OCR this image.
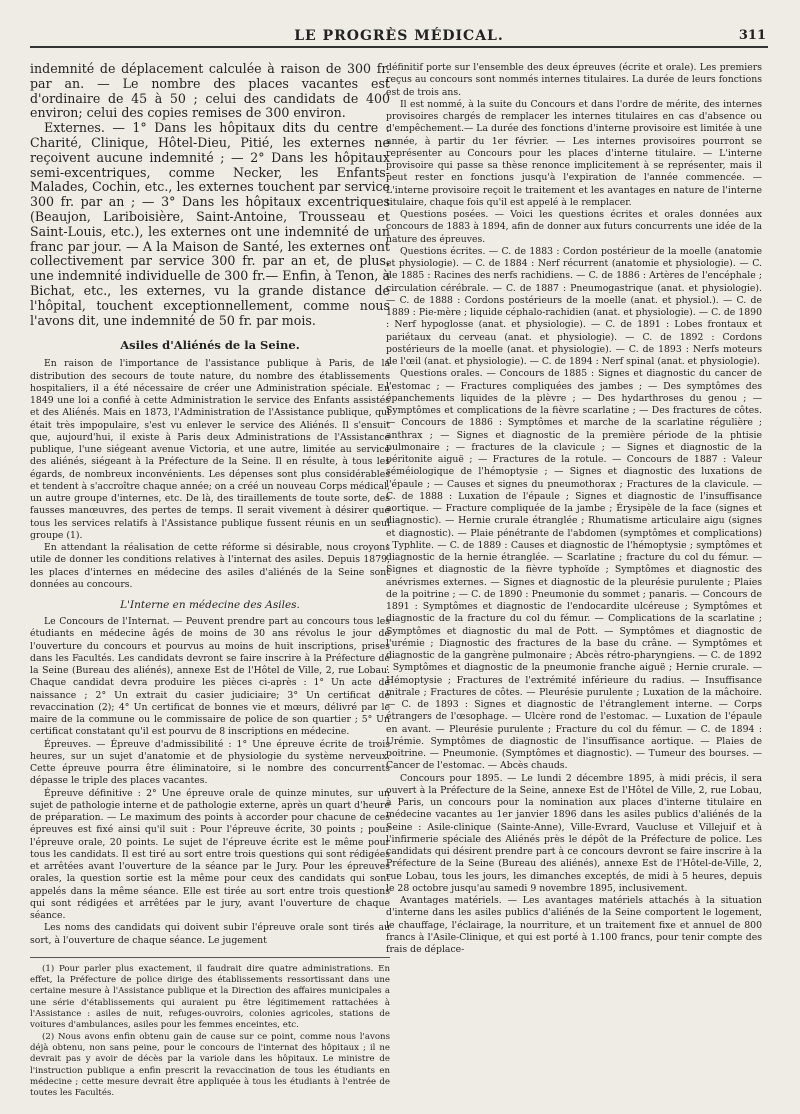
LE PROGRÈS MÉDICAL.	311

indemnité de déplacement calculée à raison de 300 fr. par an. — Le nombre des places vacantes est d'ordinaire de 45 à 50 ; celui des candidats de 400 environ; celui des copies remises de 300 environ.

Externes. — 1° Dans les hôpitaux dits du centre : Charité, Clinique, Hôtel-Dieu, Pitié, les externes ne reçoivent aucune indemnité ; — 2° Dans les hôpitaux semi-excentriques, comme Necker, les Enfants-Malades, Cochin, etc., les externes touchent par service 300 fr. par an ; — 3° Dans les hôpitaux excentriques (Beaujon, Lariboisière, Saint-Antoine, Trousseau et Saint-Louis, etc.), les externes ont une indemnité de un franc par jour. — A la Maison de Santé, les externes ont collectivement par service 300 fr. par an et, de plus, une indemnité individuelle de 300 fr.— Enfin, à Tenon, à Bichat, etc., les externes, vu la grande distance de l'hôpital, touchent exceptionnellement, comme nous l'avons dit, une indemnité de 50 fr. par mois.

Asiles d'Aliénés de la Seine.

En raison de l'importance de l'assistance publique à Paris, de la distribution des secours de toute nature, du nombre des établissements hospitaliers, il a été nécessaire de créer une Administration spéciale. En 1849 une loi a confié à cette Administration le service des Enfants assistés et des Aliénés. Mais en 1873, l'Administration de l'Assistance publique, qui était très impopulaire, s'est vu enlever le service des Aliénés. Il s'ensuit que, aujourd'hui, il existe à Paris deux Administrations de l'Assistance publique, l'une siégeant avenue Victoria, et une autre, limitée au service des aliénés, siégeant à la Préfecture de la Seine. Il en résulte, à tous les égards, de nombreux inconvénients. Les dépenses sont plus considérables et tendent à s'accroître chaque année; on a créé un nouveau Corps médical, un autre groupe d'internes, etc. De là, des tiraillements de toute sorte, des fausses manœuvres, des pertes de temps. Il serait vivement à désirer que tous les services relatifs à l'Assistance publique fussent réunis en un seul groupe (1).

En attendant la réalisation de cette réforme si désirable, nous croyons utile de donner les conditions relatives à l'internat des asiles. Depuis 1879, les places d'internes en médecine des asiles d'aliénés de la Seine sont données au concours.

L'Interne en médecine des Asiles.

Le Concours de l'Internat. — Peuvent prendre part au concours tous les étudiants en médecine âgés de moins de 30 ans révolus le jour de l'ouverture du concours et pourvus au moins de huit inscriptions, prises dans les Facultés. Les candidats devront se faire inscrire à la Préfecture de la Seine (Bureau des aliénés), annexe Est de l'Hôtel de Ville, 2, rue Lobau. Chaque candidat devra produire les pièces ci-après : 1° Un acte de naissance ; 2° Un extrait du casier judiciaire; 3° Un certificat de revaccination (2); 4° Un certificat de bonnes vie et mœurs, délivré par le maire de la commune ou le commissaire de police de son quartier ; 5° Un certificat constatant qu'il est pourvu de 8 inscriptions en médecine.

Épreuves. — Épreuve d'admissibilité : 1° Une épreuve écrite de trois heures, sur un sujet d'anatomie et de physiologie du système nerveux. Cette épreuve pourra être éliminatoire, si le nombre des concurrents dépasse le triple des places vacantes.

Épreuve définitive : 2° Une épreuve orale de quinze minutes, sur un sujet de pathologie interne et de pathologie externe, après un quart d'heure de préparation. — Le maximum des points à accorder pour chacune de ces épreuves est fixé ainsi qu'il suit : Pour l'épreuve écrite, 30 points ; pour l'épreuve orale, 20 points. Le sujet de l'épreuve écrite est le même pour tous les candidats. Il est tiré au sort entre trois questions qui sont rédigées et arrêtées avant l'ouverture de la séance par le Jury. Pour les épreuves orales, la question sortie est la même pour ceux des candidats qui sont appelés dans la même séance. Elle est tirée au sort entre trois questions qui sont rédigées et arrêtées par le jury, avant l'ouverture de chaque séance.

Les noms des candidats qui doivent subir l'épreuve orale sont tirés au sort, à l'ouverture de chaque séance. Le jugement

(1) Pour parler plus exactement, il faudrait dire quatre administrations. En effet, la Préfecture de police dirige des établissements ressortissant dans une certaine mesure à l'Assistance publique et la Direction des affaires municipales a une série d'établissements qui auraient pu être légitimement rattachées à l'Assistance : asiles de nuit, refuges-ouvroirs, colonies agricoles, stations de voitures d'ambulances, asiles pour les femmes enceintes, etc.

(2) Nous avons enfin obtenu gain de cause sur ce point, comme nous l'avons déjà obtenu, non sans peine, pour le concours de l'internat des hôpitaux ; il ne devrait pas y avoir de décès par la variole dans les hôpitaux. Le ministre de l'instruction publique a enfin prescrit la revaccination de tous les étudiants en médecine ; cette mesure devrait être appliquée à tous les étudiants à l'entrée de toutes les Facultés.

définitif porte sur l'ensemble des deux épreuves (écrite et orale). Les premiers reçus au concours sont nommés internes titulaires. La durée de leurs fonctions est de trois ans.

Il est nommé, à la suite du Concours et dans l'ordre de mérite, des internes provisoires chargés de remplacer les internes titulaires en cas d'absence ou d'empêchement.— La durée des fonctions d'interne provisoire est limitée à une année, à partir du 1er février. — Les internes provisoires pourront se représenter au Concours pour les places d'interne titulaire. — L'interne provisoire qui passe sa thèse renonce implicitement à se représenter, mais il peut rester en fonctions jusqu'à l'expiration de l'année commencée. — L'interne provisoire reçoit le traitement et les avantages en nature de l'interne titulaire, chaque fois qu'il est appelé à le remplacer.

Questions posées. — Voici les questions écrites et orales données aux concours de 1883 à 1894, afin de donner aux futurs concurrents une idée de la nature des épreuves.

Questions écrites. — C. de 1883 : Cordon postérieur de la moelle (anatomie et physiologie). — C. de 1884 : Nerf récurrent (anatomie et physiologie). — C. de 1885 : Racines des nerfs rachidiens. — C. de 1886 : Artères de l'encéphale ; circulation cérébrale. — C. de 1887 : Pneumogastrique (anat. et physiologie). — C. de 1888 : Cordons postérieurs de la moelle (anat. et physiol.). — C. de 1889 : Pie-mère ; liquide céphalo-rachidien (anat. et physiologie). — C. de 1890 : Nerf hypoglosse (anat. et physiologie). — C. de 1891 : Lobes frontaux et pariétaux du cerveau (anat. et physiologie). — C. de 1892 : Cordons postérieurs de la moelle (anat. et physiologie). — C. de 1893 : Nerfs moteurs de l'œil (anat. et physiologie). — C. de 1894 : Nerf spinal (anat. et physiologie).

Questions orales. — Concours de 1885 : Signes et diagnostic du cancer de l'estomac ; — Fractures compliquées des jambes ; — Des symptômes des épanchements liquides de la plèvre ; — Des hydarthroses du genou ; — Symptômes et complications de la fièvre scarlatine ; — Des fractures de côtes. — Concours de 1886 : Symptômes et marche de la scarlatine régulière ; anthrax ; — Signes et diagnostic de la première période de la phtisie pulmonaire ; — fractures de la clavicule ; — Signes et diagnostic de la péritonite aiguë ; — Fractures de la rotule. — Concours de 1887 : Valeur séméiologique de l'hémoptysie ; — Signes et diagnostic des luxations de l'épaule ; — Causes et signes du pneumothorax ; Fractures de la clavicule. — C. de 1888 : Luxation de l'épaule ; Signes et diagnostic de l'insuffisance aortique. — Fracture compliquée de la jambe ; Érysipèle de la face (signes et diagnostic). — Hernie crurale étranglée ; Rhumatisme articulaire aigu (signes et diagnostic). — Plaie pénétrante de l'abdomen (symptômes et complications) ; Typhlite. — C. de 1889 : Causes et diagnostic de l'hémoptysie ; symptômes et diagnostic de la hernie étranglée. — Scarlatine ; fracture du col du fémur. — Signes et diagnostic de la fièvre typhoïde ; Symptômes et diagnostic des anévrismes externes. — Signes et diagnostic de la pleurésie purulente ; Plaies de la poitrine ; — C. de 1890 : Pneumonie du sommet ; panaris. — Concours de 1891 : Symptômes et diagnostic de l'endocardite ulcéreuse ; Symptômes et diagnostic de la fracture du col du fémur. — Complications de la scarlatine ; Symptômes et diagnostic du mal de Pott. — Symptômes et diagnostic de l'urémie ; Diagnostic des fractures de la base du crâne. — Symptômes et diagnostic de la gangrène pulmonaire ; Abcès rétro-pharyngiens. — C. de 1892 : Symptômes et diagnostic de la pneumonie franche aiguë ; Hernie crurale. — Hémoptysie ; Fractures de l'extrémité inférieure du radius. — Insuffisance mitrale ; Fractures de côtes. — Pleurésie purulente ; Luxation de la mâchoire. — C. de 1893 : Signes et diagnostic de l'étranglement interne. — Corps étrangers de l'œsophage. — Ulcère rond de l'estomac. — Luxation de l'épaule en avant. — Pleurésie purulente ; Fracture du col du fémur. — C. de 1894 : Urémie. Symptômes de diagnostic de l'insuffisance aortique. — Plaies de poitrine. — Pneumonie. (Symptômes et diagnostic). — Tumeur des bourses. — Cancer de l'estomac. — Abcès chauds.

Concours pour 1895. — Le lundi 2 décembre 1895, à midi précis, il sera ouvert à la Préfecture de la Seine, annexe Est de l'Hôtel de Ville, 2, rue Lobau, à Paris, un concours pour la nomination aux places d'interne titulaire en médecine vacantes au 1er janvier 1896 dans les asiles publics d'aliénés de la Seine : Asile-clinique (Sainte-Anne), Ville-Evrard, Vaucluse et Villejuif et à l'infirmerie spéciale des Aliénés près le dépôt de la Préfecture de police. Les candidats qui désirent prendre part à ce concours devront se faire inscrire à la Préfecture de la Seine (Bureau des aliénés), annexe Est de l'Hôtel-de-Ville, 2, rue Lobau, tous les jours, les dimanches exceptés, de midi à 5 heures, depuis le 28 octobre jusqu'au samedi 9 novembre 1895, inclusivement.

Avantages matériels. — Les avantages matériels attachés à la situation d'interne dans les asiles publics d'aliénés de la Seine comportent le logement, le chauffage, l'éclairage, la nourriture, et un traitement fixe et annuel de 800 francs à l'Asile-Clinique, et qui est porté à 1.100 francs, pour tenir compte des frais de déplace-
